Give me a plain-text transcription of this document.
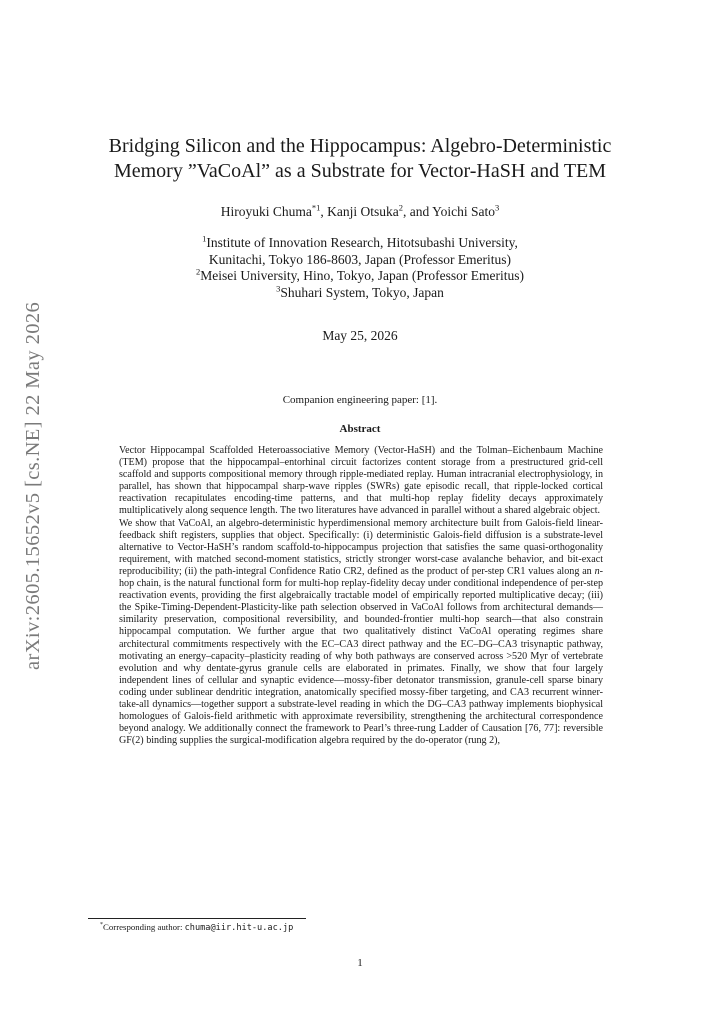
arXiv:2605.15652v5 [cs.NE] 22 May 2026
Bridging Silicon and the Hippocampus: Algebro-Deterministic
Memory ”VaCoAl” as a Substrate for Vector-HaSH and TEM
Hiroyuki Chuma$^{*1}$, Kanji Otsuka$^2$, and Yoichi Sato$^3$
$^1$Institute of Innovation Research, Hitotsubashi University,
Kunitachi, Tokyo 186-8603, Japan (Professor Emeritus)
$^2$Meisei University, Hino, Tokyo, Japan (Professor Emeritus)
$^3$Shuhari System, Tokyo, Japan
May 25, 2026
Companion engineering paper: [1].
Abstract

Vector Hippocampal Scaffolded Heteroassociative Memory (Vector-HaSH) and the Tolman–Eichenbaum Machine (TEM) propose that the hippocampal–entorhinal circuit factorizes content storage from a prestructured grid-cell scaffold and supports compositional memory through ripple-mediated replay. Human intracranial electrophysiology, in parallel, has shown that hippocampal sharp-wave ripples (SWRs) gate episodic recall, that ripple-locked cortical reactivation recapitulates encoding-time patterns, and that multi-hop replay fidelity decays approximately multiplicatively along sequence length. The two literatures have advanced in parallel without a shared algebraic object.

We show that VaCoAl, an algebro-deterministic hyperdimensional memory architecture built from Galois-field linear-feedback shift registers, supplies that object. Specifically: (i) deterministic Galois-field diffusion is a substrate-level alternative to Vector-HaSH’s random scaffold-to-hippocampus projection that satisfies the same quasi-orthogonality requirement, with matched second-moment statistics, strictly stronger worst-case avalanche behavior, and bit-exact reproducibility; (ii) the path-integral Confidence Ratio CR2, defined as the product of per-step CR1 values along an n-hop chain, is the natural functional form for multi-hop replay-fidelity decay under conditional independence of per-step reactivation events, providing the first algebraically tractable model of empirically reported multiplicative decay; (iii) the Spike-Timing-Dependent-Plasticity-like path selection observed in VaCoAl follows from architectural demands—similarity preservation, compositional reversibility, and bounded-frontier multi-hop search—that also constrain hippocampal computation. We further argue that two qualitatively distinct VaCoAl operating regimes share architectural commitments respectively with the EC–CA3 direct pathway and the EC–DG–CA3 trisynaptic pathway, motivating an energy–capacity–plasticity reading of why both pathways are conserved across >520 Myr of vertebrate evolution and why dentate-gyrus granule cells are elaborated in primates. Finally, we show that four largely independent lines of cellular and synaptic evidence—mossy-fiber detonator transmission, granule-cell sparse binary coding under sublinear dendritic integration, anatomically specified mossy-fiber targeting, and CA3 recurrent winner-take-all dynamics—together support a substrate-level reading in which the DG–CA3 pathway implements biophysical homologues of Galois-field arithmetic with approximate reversibility, strengthening the architectural correspondence beyond analogy. We additionally connect the framework to Pearl’s three-rung Ladder of Causation [76, 77]: reversible GF(2) binding supplies the surgical-modification algebra required by the do-operator (rung 2),

*Corresponding author: chuma@iir.hit-u.ac.jp
1
